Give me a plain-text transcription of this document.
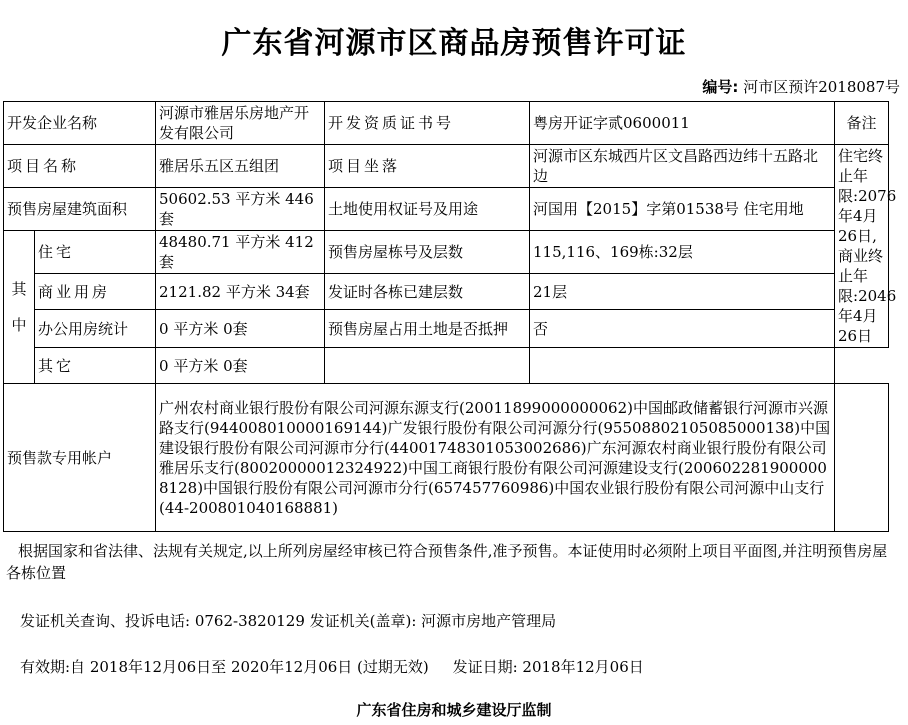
广东省河源市区商品房预售许可证
编号: 河市区预许2018087号
开发企业名称		河源市雅居乐房地产开发有限公司	开发资质证书号	粤房开证字贰0600011	备注
项目名称		雅居乐五区五组团	项目坐落	河源市区东城西片区文昌路西边纬十五路北边	住宅终止年限:2076年4月26日,商业终止年限:2046年4月26日
预售房屋建筑面积		50602.53 平方米 446 套	土地使用权证号及用途	河国用【2015】字第01538号 住宅用地	
其中	住宅	48480.71 平方米 412 套	预售房屋栋号及层数	115,116、169栋:32层	
	商业用房	2121.82 平方米 34套	发证时各栋已建层数	21层	
	办公用房统计	0 平方米 0套	预售房屋占用土地是否抵押	否	
	其它	0 平方米 0套			
预售款专用帐户		广州农村商业银行股份有限公司河源东源支行(20011899000000062)中国邮政储蓄银行河源市兴源路支行(944008010000169144)广发银行股份有限公司河源分行(9550880210508500013​8)中国建设银行股份有限公司河源市分行(44001748301053002686)广东河源农村商业银行股份有限公司雅居乐支行(80020000012324922)中国工商银行股份有限公司河源建设支行(2006022819000008128)中国银行股份有限公司河源市分行(657457760986)中国农业银行股份有限公司河源中山支行(44-200801040168881)			
根据国家和省法律、法规有关规定,以上所列房屋经审核已符合预售条件,准予预售。本证使用时必须附上项目平面图,并注明预售房屋各栋位置
发证机关查询、投诉电话: 0762-3820129 发证机关(盖章): 河源市房地产管理局
有效期:自 2018年12月06日至 2020年12月06日 (过期无效)     发证日期: 2018年12月06日
广东省住房和城乡建设厅监制
